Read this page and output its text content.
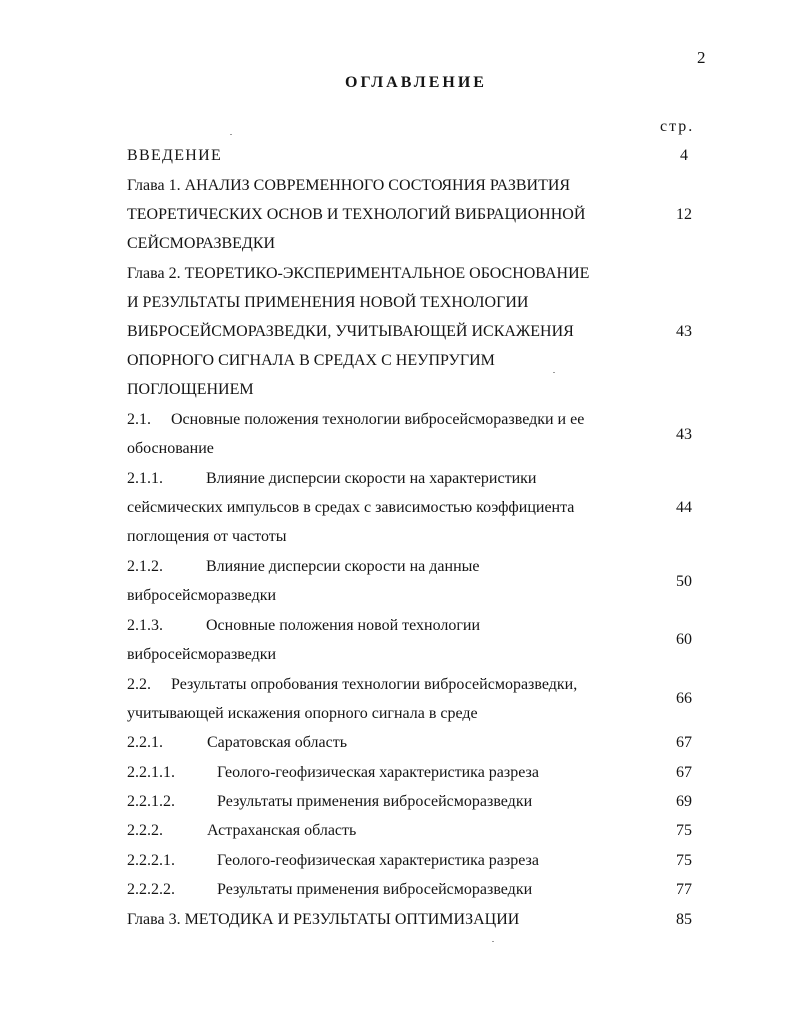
2
ОГЛАВЛЕНИЕ
стр.
ВВЕДЕНИЕ	4
Глава 1. АНАЛИЗ СОВРЕМЕННОГО СОСТОЯНИЯ РАЗВИТИЯ
ТЕОРЕТИЧЕСКИХ ОСНОВ И ТЕХНОЛОГИЙ ВИБРАЦИОННОЙ
СЕЙСМОРАЗВЕДКИ
12
Глава 2. ТЕОРЕТИКО-ЭКСПЕРИМЕНТАЛЬНОЕ ОБОСНОВАНИЕ
И РЕЗУЛЬТАТЫ ПРИМЕНЕНИЯ НОВОЙ ТЕХНОЛОГИИ
ВИБРОСЕЙСМОРАЗВЕДКИ, УЧИТЫВАЮЩЕЙ ИСКАЖЕНИЯ
ОПОРНОГО СИГНАЛА В СРЕДАХ С НЕУПРУГИМ
ПОГЛОЩЕНИЕМ
43
2.1. Основные положения технологии вибросейсморазведки и ее
обоснование
43
2.1.1.	Влияние дисперсии скорости на характеристики
сейсмических импульсов в средах с зависимостью коэффициента
поглощения от частоты
44
2.1.2.	Влияние дисперсии скорости на данные
вибросейсморазведки
50
2.1.3.	Основные положения новой технологии
вибросейсморазведки
60
2.2. Результаты опробования технологии вибросейсморазведки,
учитывающей искажения опорного сигнала в среде
66
2.2.1.	Саратовская область	67
2.2.1.1.	Геолого-геофизическая характеристика разреза	67
2.2.1.2.	Результаты применения вибросейсморазведки	69
2.2.2.	Астраханская область	75
2.2.2.1.	Геолого-геофизическая характеристика разреза	75
2.2.2.2.	Результаты применения вибросейсморазведки	77
Глава 3. МЕТОДИКА И РЕЗУЛЬТАТЫ ОПТИМИЗАЦИИ	85
